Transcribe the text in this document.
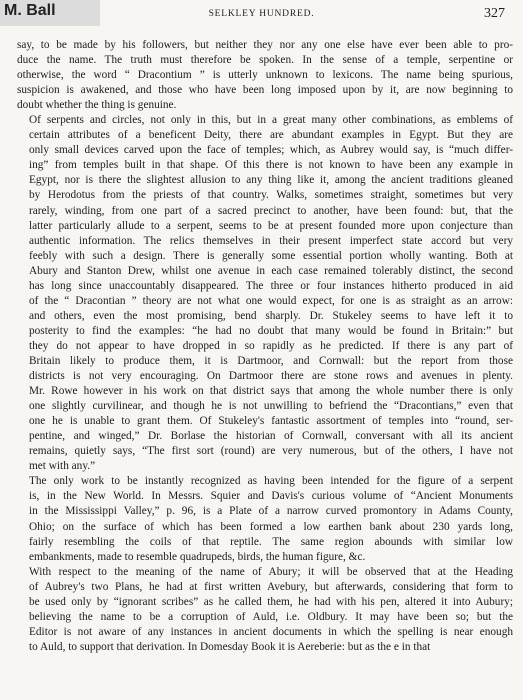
M. Ball	SELKLEY HUNDRED.	327

say, to be made by his followers, but neither they nor any one else have ever been able to pro-
duce the name. The truth must therefore be spoken. In the sense of a temple, serpentine or
otherwise, the word “ Dracontium ” is utterly unknown to lexicons. The name being spurious,
suspicion is awakened, and those who have been long imposed upon by it, are now beginning to
doubt whether the thing is genuine.

Of serpents and circles, not only in this, but in a great many other combinations, as emblems of
certain attributes of a beneficent Deity, there are abundant examples in Egypt. But they are
only small devices carved upon the face of temples; which, as Aubrey would say, is “much differ-
ing” from temples built in that shape. Of this there is not known to have been any example in
Egypt, nor is there the slightest allusion to any thing like it, among the ancient traditions gleaned
by Herodotus from the priests of that country. Walks, sometimes straight, sometimes but very
rarely, winding, from one part of a sacred precinct to another, have been found: but, that the
latter particularly allude to a serpent, seems to be at present founded more upon conjecture than
authentic information. The relics themselves in their present imperfect state accord but very
feebly with such a design. There is generally some essential portion wholly wanting. Both at
Abury and Stanton Drew, whilst one avenue in each case remained tolerably distinct, the second
has long since unaccountably disappeared. The three or four instances hitherto produced in aid
of the “ Dracontian ” theory are not what one would expect, for one is as straight as an arrow:
and others, even the most promising, bend sharply. Dr. Stukeley seems to have left it to
posterity to find the examples: “he had no doubt that many would be found in Britain:” but
they do not appear to have dropped in so rapidly as he predicted. If there is any part of
Britain likely to produce them, it is Dartmoor, and Cornwall: but the report from those
districts is not very encouraging. On Dartmoor there are stone rows and avenues in plenty.
Mr. Rowe however in his work on that district says that among the whole number there is only
one slightly curvilinear, and though he is not unwilling to befriend the “Dracontians,” even that
one he is unable to grant them. Of Stukeley's fantastic assortment of temples into “round, ser-
pentine, and winged,” Dr. Borlase the historian of Cornwall, conversant with all its ancient
remains, quietly says, “The first sort (round) are very numerous, but of the others, I have not
met with any.”

The only work to be instantly recognized as having been intended for the figure of a serpent
is, in the New World. In Messrs. Squier and Davis's curious volume of “Ancient Monuments
in the Mississippi Valley,” p. 96, is a Plate of a narrow curved promontory in Adams County,
Ohio; on the surface of which has been formed a low earthen bank about 230 yards long,
fairly resembling the coils of that reptile. The same region abounds with similar low
embankments, made to resemble quadrupeds, birds, the human figure, &c.

With respect to the meaning of the name of Abury; it will be observed that at the Heading
of Aubrey's two Plans, he had at first written Avebury, but afterwards, considering that form to
be used only by “ignorant scribes” as he called them, he had with his pen, altered it into Aubury;
believing the name to be a corruption of Auld, i.e. Oldbury. It may have been so; but the
Editor is not aware of any instances in ancient documents in which the spelling is near enough
to Auld, to support that derivation. In Domesday Book it is Aereberie: but as the e in that
